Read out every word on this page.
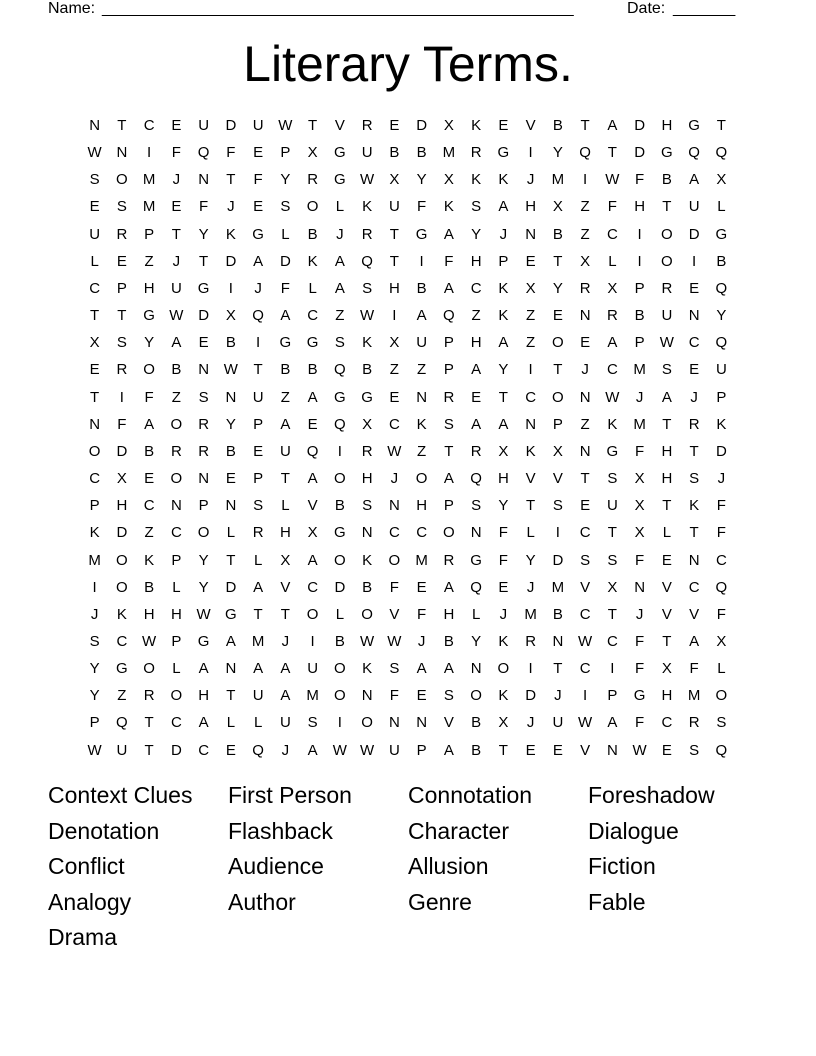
Name: _____________________________________________________	Date: _______
Literary Terms.
N	T	C	E	U	D	U W	T	V	R	E	D	X	K	E	V	B	T	A	D	H	G	T
W N	I	F	Q	F	E	P	X	G	U	B	B	M	R	G	I	Y	Q	T	D	G	Q	Q
S	O	M	J	N	T	F	Y	R	G W	X	Y	X	K	K	J	M	I	W	F	B	A	X
E	S	M	E	F	J	E	S	O	L	K	U	F	K	S	A	H	X	Z	F	H	T	U	L
U	R	P	T	Y	K	G	L	B	J	R	T	G	A	Y	J	N	B	Z	C	I	O	D	G
L	E	Z	J	T	D	A	D	K	A	Q	T	I	F	H	P	E	T	X	L	I	O	I	B
C	P	H	U	G	I	J	F	L	A	S	H	B	A	C	K	X	Y	R	X	P	R	E	Q
T	T	G W D	X	Q	A	C	Z	W	I	A	Q	Z	K	Z	E	N	R	B	U	N	Y
X	S	Y	A	E	B	I	G	G	S	K	X	U	P	H	A	Z	O	E	A	P	W C	Q
E	R	O	B	N W	T	B	B	Q	B	Z	Z	P	A	Y	I	T	J	C	M	S	E	U
T	I	F	Z	S	N	U	Z	A	G	G	E	N	R	E	T	C	O	N W	J	A	J	P
N	F	A	O	R	Y	P	A	E	Q	X	C	K	S	A	A	N	P	Z	K	M	T	R	K
O	D	B	R	R	B	E	U	Q	I	R W	Z	T	R	X	K	X	N	G	F	H	T	D
C	X	E	O	N	E	P	T	A	O	H	J	O	A	Q	H	V	V	T	S	X	H	S	J
P	H	C	N	P	N	S	L	V	B	S	N	H	P	S	Y	T	S	E	U	X	T	K	F
K	D	Z	C	O	L	R	H	X	G	N	C	C	O	N	F	L	I	C	T	X	L	T	F
M	O	K	P	Y	T	L	X	A	O	K	O	M	R	G	F	Y	D	S	S	F	E	N	C
I	O	B	L	Y	D	A	V	C	D	B	F	E	A	Q	E	J	M	V	X	N	V	C	Q
J	K	H	H W G	T	T	O	L	O	V	F	H	L	J	M	B	C	T	J	V	V	F
S	C W	P	G	A	M	J	I	B	W W	J	B	Y	K	R	N W C	F	T	A	X
Y	G	O	L	A	N	A	A	U	O	K	S	A	A	N	O	I	T	C	I	F	X	F	L
Y	Z	R	O	H	T	U	A	M	O	N	F	E	S	O	K	D	J	I	P	G	H	M	O
P	Q	T	C	A	L	L	U	S	I	O	N	N	V	B	X	J	U W	A	F	C	R	S
W U	T	D	C	E	Q	J	A	W W U	P	A	B	T	E	E	V	N W	E	S	Q
Context Clues	First Person	Connotation	Foreshadow
Denotation	Flashback	Character	Dialogue
Conflict	Audience	Allusion	Fiction
Analogy	Author	Genre	Fable
Drama
